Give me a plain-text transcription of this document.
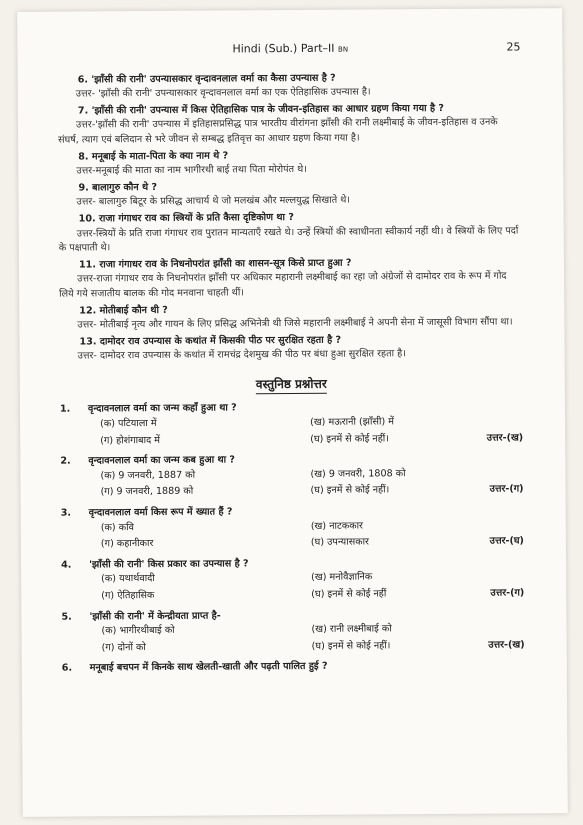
Hindi (Sub.) Part–II BN	25
6. 'झाँसी की रानी' उपन्यासकार वृन्दावनलाल वर्मा का कैसा उपन्यास है ?
उत्तर- 'झाँसी की रानी' उपन्यासकार वृन्दावनलाल वर्मा का एक ऐतिहासिक उपन्यास है।
7. 'झाँसी की रानी' उपन्यास में किस ऐतिहासिक पात्र के जीवन-इतिहास का आधार ग्रहण किया गया है ?
उत्तर-'झाँसी की रानी' उपन्यास में इतिहासप्रसिद्ध पात्र भारतीय वीरांगना झाँसी की रानी लक्ष्मीबाई के जीवन-इतिहास व उनके संघर्ष, त्याग एवं बलिदान से भरे जीवन से सम्बद्ध इतिवृत्त का आधार ग्रहण किया गया है।
8. मनूबाई के माता-पिता के क्या नाम थे ?
उत्तर-मनूबाई की माता का नाम भागीरथी बाई तथा पिता मोरोपंत थे।
9. बालागुरु कौन थे ?
उत्तर- बालागुरु बिटूर के प्रसिद्ध आचार्य थे जो मलखंब और मल्लयुद्ध सिखाते थे।
10. राजा गंगाधर राव का स्त्रियों के प्रति कैसा दृष्टिकोण था ?
उत्तर-स्त्रियों के प्रति राजा गंगाधर राव पुरातन मान्यताएँ रखते थे। उन्हें स्त्रियों की स्वाधीनता स्वीकार्य नहीं थी। वे स्त्रियों के लिए पर्दा के पक्षपाती थे।
11. राजा गंगाधर राव के निधनोपरांत झाँसी का शासन-सूत्र किसे प्राप्त हुआ ?
उत्तर-राजा गंगाधर राव के निधनोपरांत झाँसी पर अधिकार महारानी लक्ष्मीबाई का रहा जो अंग्रेजों से दामोदर राव के रूप में गोद लिये गये सजातीय बालक की गोद मनवाना चाहती थीं।
12. मोतीबाई कौन थी ?
उत्तर- मोतीबाई नृत्य और गायन के लिए प्रसिद्ध अभिनेत्री थी जिसे महारानी लक्ष्मीबाई ने अपनी सेना में जासूसी विभाग सौंपा था।
13. दामोदर राव उपन्यास के कथांत में किसकी पीठ पर सुरक्षित रहता है ?
उत्तर- दामोदर राव उपन्यास के कथांत में रामचंद्र देशमुख की पीठ पर बंधा हुआ सुरक्षित रहता है।
वस्तुनिष्ठ प्रश्नोत्तर
1.	वृन्दावनलाल वर्मा का जन्म कहाँ हुआ था ?
(क) पटियाला में	(ख) मऊरानी (झाँसी) में
(ग) होशंगाबाद में	(घ) इनमें से कोई नहीं।	उत्तर-(ख)
2.	वृन्दावनलाल वर्मा का जन्म कब हुआ था ?
(क) 9 जनवरी, 1887 को	(ख) 9 जनवरी, 1808 को
(ग) 9 जनवरी, 1889 को	(घ) इनमें से कोई नहीं।	उत्तर-(ग)
3.	वृन्दावनलाल वर्मा किस रूप में ख्यात हैं ?
(क) कवि	(ख) नाटककार
(ग) कहानीकार	(घ) उपन्यासकार	उत्तर-(घ)
4.	'झाँसी की रानी' किस प्रकार का उपन्यास है ?
(क) यथार्थवादी	(ख) मनोवैज्ञानिक
(ग) ऐतिहासिक	(घ) इनमें से कोई नहीं	उत्तर-(ग)
5.	'झाँसी की रानी' में केन्द्रीयता प्राप्त है-
(क) भागीरथीबाई को	(ख) रानी लक्ष्मीबाई को
(ग) दोनों को	(घ) इनमें से कोई नहीं।	उत्तर-(ख)
6.	मनूबाई बचपन में किनके साथ खेलती-खाती और पढ़ती पालित हुई ?
